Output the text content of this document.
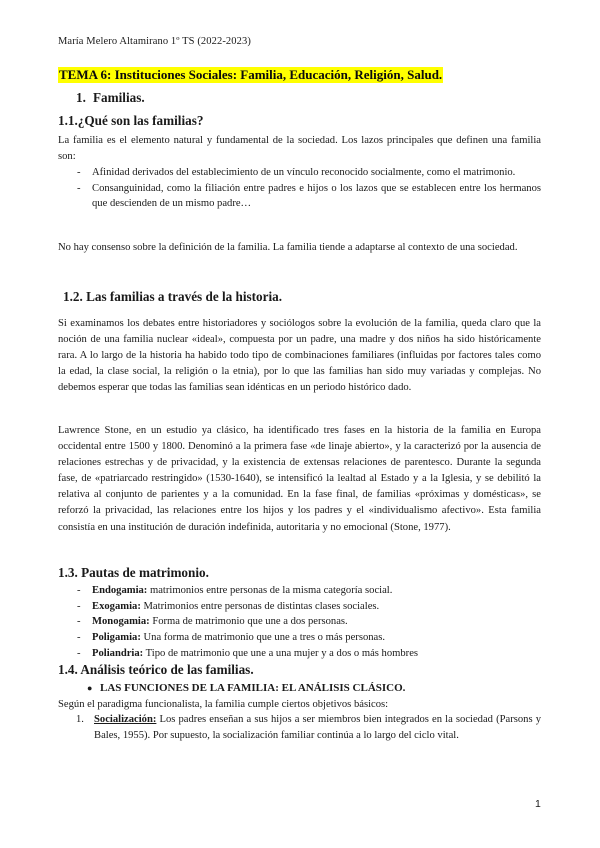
María Melero Altamirano 1º TS (2022-2023)
TEMA 6: Instituciones Sociales: Familia, Educación, Religión, Salud.
1. Familias.
1.1.¿Qué son las familias?
La familia es el elemento natural y fundamental de la sociedad. Los lazos principales que definen una familia son:
- Afinidad derivados del establecimiento de un vínculo reconocido socialmente, como el matrimonio.
- Consanguinidad, como la filiación entre padres e hijos o los lazos que se establecen entre los hermanos que descienden de un mismo padre…
No hay consenso sobre la definición de la familia. La familia tiende a adaptarse al contexto de una sociedad.
1.2. Las familias a través de la historia.
Si examinamos los debates entre historiadores y sociólogos sobre la evolución de la familia, queda claro que la noción de una familia nuclear «ideal», compuesta por un padre, una madre y dos niños ha sido históricamente rara. A lo largo de la historia ha habido todo tipo de combinaciones familiares (influidas por factores tales como la edad, la clase social, la religión o la etnia), por lo que las familias han sido muy variadas y complejas. No debemos esperar que todas las familias sean idénticas en un periodo histórico dado.
Lawrence Stone, en un estudio ya clásico, ha identificado tres fases en la historia de la familia en Europa occidental entre 1500 y 1800. Denominó a la primera fase «de linaje abierto», y la caracterizó por la ausencia de relaciones estrechas y de privacidad, y la existencia de extensas relaciones de parentesco. Durante la segunda fase, de «patriarcado restringido» (1530-1640), se intensificó la lealtad al Estado y a la Iglesia, y se debilitó la relativa al conjunto de parientes y a la comunidad. En la fase final, de familias «próximas y domésticas», se reforzó la privacidad, las relaciones entre los hijos y los padres y el «individualismo afectivo». Esta familia consistía en una institución de duración indefinida, autoritaria y no emocional (Stone, 1977).
1.3. Pautas de matrimonio.
- Endogamia: matrimonios entre personas de la misma categoría social.
- Exogamia: Matrimonios entre personas de distintas clases sociales.
- Monogamia: Forma de matrimonio que une a dos personas.
- Poligamia: Una forma de matrimonio que une a tres o más personas.
- Poliandria: Tipo de matrimonio que une a una mujer y a dos o más hombres
1.4. Análisis teórico de las familias.
● LAS FUNCIONES DE LA FAMILIA: EL ANÁLISIS CLÁSICO.
Según el paradigma funcionalista, la familia cumple ciertos objetivos básicos:
1. Socialización: Los padres enseñan a sus hijos a ser miembros bien integrados en la sociedad (Parsons y Bales, 1955). Por supuesto, la socialización familiar continúa a lo largo del ciclo vital.
1
